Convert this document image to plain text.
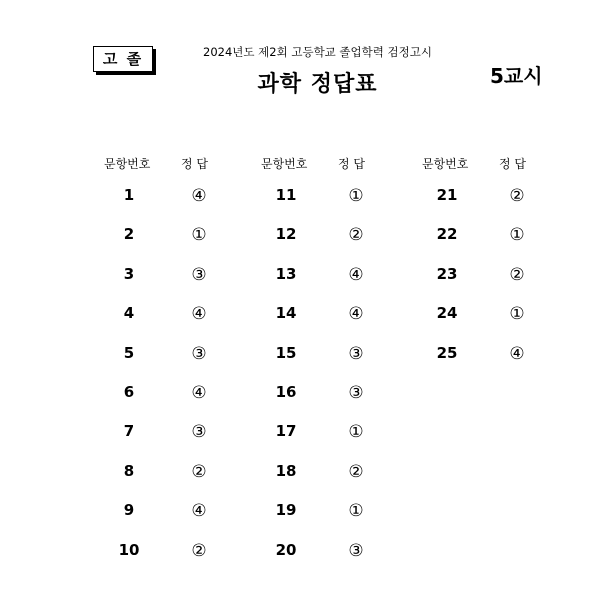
고 졸	2024년도 제2회 고등학교 졸업학력 검정고시
과학 정답표	5교시
문항번호	정 답
1	④
2	①
3	③
4	④
5	③
6	④
7	③
8	②
9	④
10	②
문항번호	정 답
11	①
12	②
13	④
14	④
15	③
16	③
17	①
18	②
19	①
20	③
문항번호	정 답
21	②
22	①
23	②
24	①
25	④
